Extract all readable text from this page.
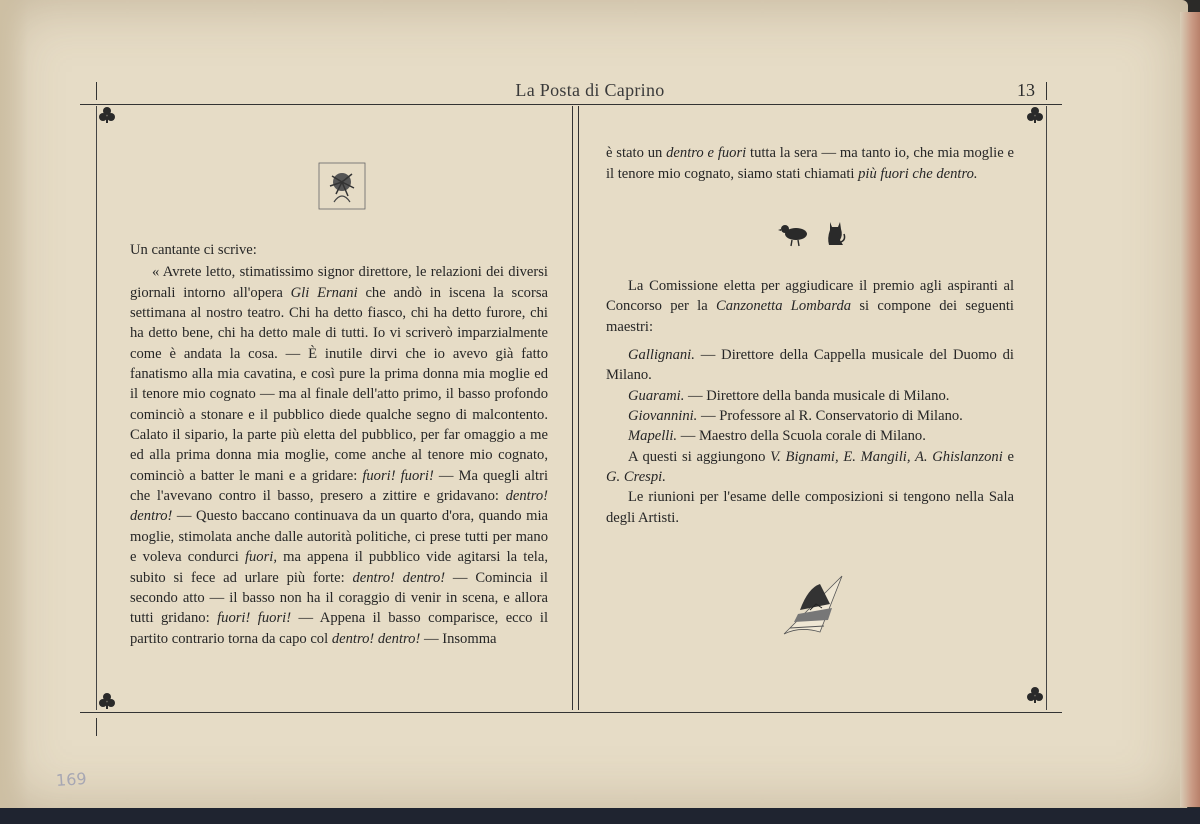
La Posta di Caprino	13

Un cantante ci scrive:

« Avrete letto, stimatissimo signor direttore, le relazioni dei diversi giornali intorno all'opera Gli Ernani che andò in iscena la scorsa settimana al nostro teatro. Chi ha detto fiasco, chi ha detto furore, chi ha detto bene, chi ha detto male di tutti. Io vi scriverò imparzialmente come è andata la cosa. — È inutile dirvi che io avevo già fatto fanatismo alla mia cavatina, e così pure la prima donna mia moglie ed il tenore mio cognato — ma al finale dell'atto primo, il basso profondo cominciò a stonare e il pubblico diede qualche segno di malcontento. Calato il sipario, la parte più eletta del pubblico, per far omaggio a me ed alla prima donna mia moglie, come anche al tenore mio cognato, cominciò a batter le mani e a gridare: fuori! fuori! — Ma quegli altri che l'avevano contro il basso, presero a zittire e gridavano: dentro! dentro! — Questo baccano continuava da un quarto d'ora, quando mia moglie, stimolata anche dalle autorità politiche, ci prese tutti per mano e voleva condurci fuori, ma appena il pubblico vide agitarsi la tela, subito si fece ad urlare più forte: dentro! dentro! — Comincia il secondo atto — il basso non ha il coraggio di venir in scena, e allora tutti gridano: fuori! fuori! — Appena il basso comparisce, ecco il partito contrario torna da capo col dentro! dentro! — Insomma

è stato un dentro e fuori tutta la sera — ma tanto io, che mia moglie e il tenore mio cognato, siamo stati chiamati più fuori che dentro.

La Comissione eletta per aggiudicare il premio agli aspiranti al Concorso per la Canzonetta Lombarda si compone dei seguenti maestri:

Gallignani. — Direttore della Cappella musicale del Duomo di Milano.

Guarami. — Direttore della banda musicale di Milano.

Giovannini. — Professore al R. Conservatorio di Milano.

Mapelli. — Maestro della Scuola corale di Milano.

A questi si aggiungono V. Bignami, E. Mangili, A. Ghislanzoni e G. Crespi.

Le riunioni per l'esame delle composizioni si tengono nella Sala degli Artisti.

169
